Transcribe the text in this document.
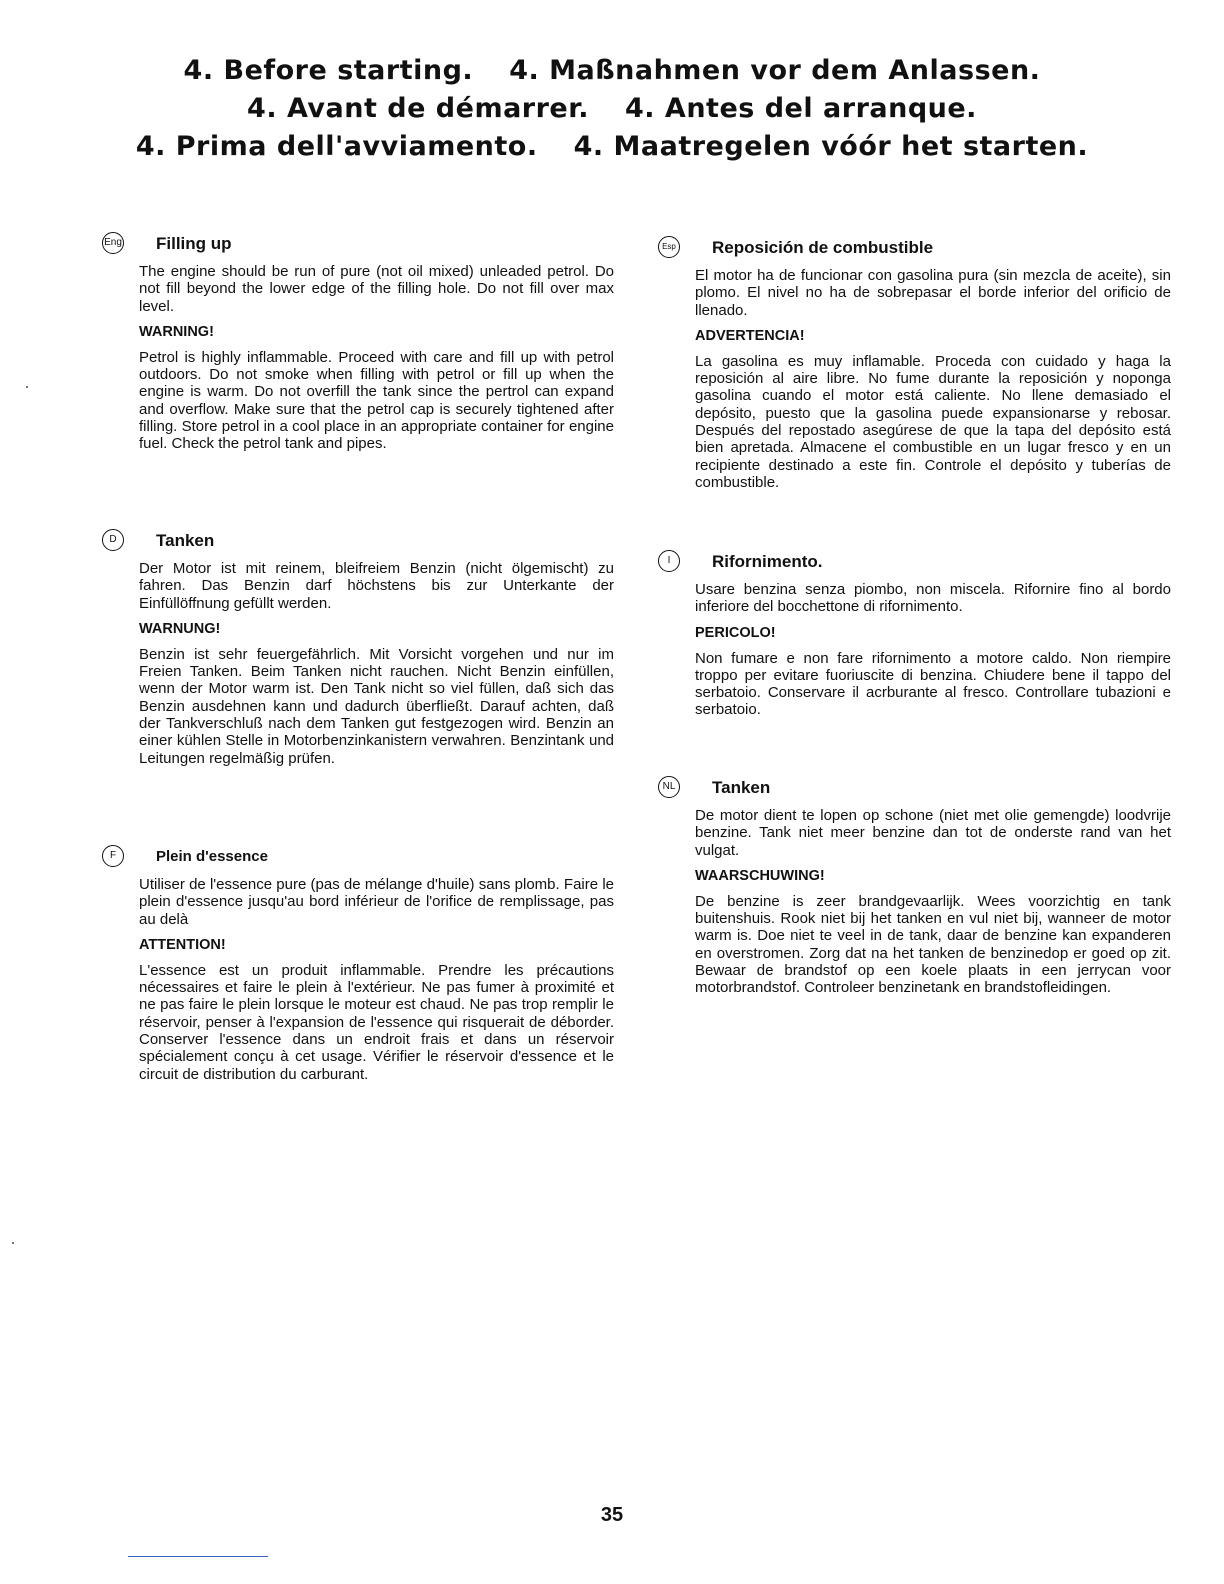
4. Before starting. 4. Maßnahmen vor dem Anlassen.
4. Avant de démarrer. 4. Antes del arranque.
4. Prima dell'avviamento. 4. Maatregelen vóór het starten.
Eng Filling up

The engine should be run of pure (not oil mixed) unleaded petrol. Do not fill beyond the lower edge of the filling hole. Do not fill over max level.

WARNING!

Petrol is highly inflammable. Proceed with care and fill up with petrol outdoors. Do not smoke when filling with petrol or fill up when the engine is warm. Do not overfill the tank since the pertrol can expand and overflow. Make sure that the petrol cap is securely tightened after filling. Store petrol in a cool place in an appropriate container for engine fuel. Check the petrol tank and pipes.

D	Tanken

Der Motor ist mit reinem, bleifreiem Benzin (nicht ölgemischt) zu fahren. Das Benzin darf höchstens bis zur Unterkante der Einfüllöffnung gefüllt werden.

WARNUNG!

Benzin ist sehr feuergefährlich. Mit Vorsicht vorgehen und nur im Freien Tanken. Beim Tanken nicht rauchen. Nicht Benzin einfüllen, wenn der Motor warm ist. Den Tank nicht so viel füllen, daß sich das Benzin ausdehnen kann und dadurch überfließt. Darauf achten, daß der Tankverschluß nach dem Tanken gut festgezogen wird. Benzin an einer kühlen Stelle in Motorbenzinkanistern verwahren. Benzintank und Leitungen regelmäßig prüfen.

F	Plein d'essence

Utiliser de l'essence pure (pas de mélange d'huile) sans plomb. Faire le plein d'essence jusqu'au bord inférieur de l'orifice de remplissage, pas au delà

ATTENTION!

L'essence est un produit inflammable. Prendre les précautions nécessaires et faire le plein à l'extérieur. Ne pas fumer à proximité et ne pas faire le plein lorsque le moteur est chaud. Ne pas trop remplir le réservoir, penser à l'expansion de l'essence qui risquerait de déborder. Conserver l'essence dans un endroit frais et dans un réservoir spécialement conçu à cet usage. Vérifier le réservoir d'essence et le circuit de distribution du carburant.

Esp Reposición de combustible

El motor ha de funcionar con gasolina pura (sin mezcla de aceite), sin plomo. El nivel no ha de sobrepasar el borde inferior del orificio de llenado.

ADVERTENCIA!

La gasolina es muy inflamable. Proceda con cuidado y haga la reposición al aire libre. No fume durante la reposición y noponga gasolina cuando el motor está caliente. No llene demasiado el depósito, puesto que la gasolina puede expansionarse y rebosar. Después del repostado asegúrese de que la tapa del depósito está bien apretada. Almacene el combustible en un lugar fresco y en un recipiente destinado a este fin. Controle el depósito y tuberías de combustible.

I	Rifornimento.

Usare benzina senza piombo, non miscela. Rifornire fino al bordo inferiore del bocchettone di rifornimento.

PERICOLO!

Non fumare e non fare rifornimento a motore caldo. Non riempire troppo per evitare fuoriuscite di benzina. Chiudere bene il tappo del serbatoio. Conservare il acrburante al fresco. Controllare tubazioni e serbatoio.

NL Tanken

De motor dient te lopen op schone (niet met olie gemengde) loodvrije benzine. Tank niet meer benzine dan tot de onderste rand van het vulgat.

WAARSCHUWING!

De benzine is zeer brandgevaarlijk. Wees voorzichtig en tank buitenshuis. Rook niet bij het tanken en vul niet bij, wanneer de motor warm is. Doe niet te veel in de tank, daar de benzine kan expanderen en overstromen. Zorg dat na het tanken de benzinedop er goed op zit. Bewaar de brandstof op een koele plaats in een jerrycan voor motorbrandstof. Controleer benzinetank en brandstofleidingen.

35
